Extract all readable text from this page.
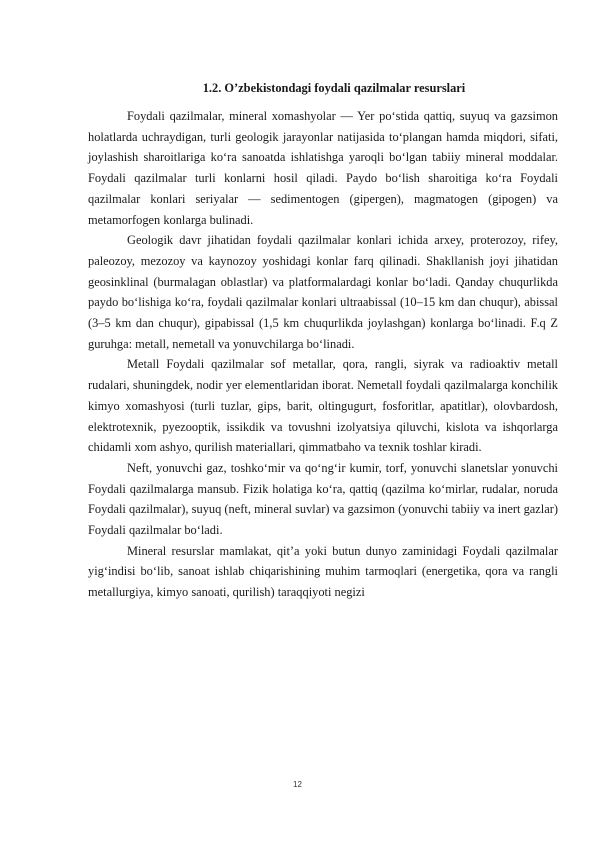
1.2. O’zbekistondagi foydali qazilmalar resurslari

Foydali qazilmalar, mineral xomashyolar — Yer po‘stida qattiq, suyuq va gazsimon holatlarda uchraydigan, turli geologik jarayonlar natijasida to‘plangan hamda miqdori, sifati, joylashish sharoitlariga ko‘ra sanoatda ishlatishga yaroqli bo‘lgan tabiiy mineral moddalar. Foydali qazilmalar turli konlarni hosil qiladi. Paydo bo‘lish sharoitiga ko‘ra Foydali qazilmalar konlari seriyalar — sedimentogen (gipergen), magmatogen (gipogen) va metamorfogen konlarga bulinadi.

Geologik davr jihatidan foydali qazilmalar konlari ichida arxey, proterozoy, rifey, paleozoy, mezozoy va kaynozoy yoshidagi konlar farq qilinadi. Shakllanish joyi jihatidan geosinklinal (burmalagan oblastlar) va platformalardagi konlar bo‘ladi. Qanday chuqurlikda paydo bo‘lishiga ko‘ra, foydali qazilmalar konlari ultraabissal (10–15 km dan chuqur), abissal (3–5 km dan chuqur), gipabissal (1,5 km chuqurlikda joylashgan) konlarga bo‘linadi. F.q Z guruhga: metall, nemetall va yonuvchilarga bo‘linadi.

Metall Foydali qazilmalar sof metallar, qora, rangli, siyrak va radioaktiv metall rudalari, shuningdek, nodir yer elementlaridan iborat. Nemetall foydali qazilmalarga konchilik kimyo xomashyosi (turli tuzlar, gips, barit, oltingugurt, fosforitlar, apatitlar), olovbardosh, elektrotexnik, pyezooptik, issikdik va tovushni izolyatsiya qiluvchi, kislota va ishqorlarga chidamli xom ashyo, qurilish materiallari, qimmatbaho va texnik toshlar kiradi.

Neft, yonuvchi gaz, toshko‘mir va qo‘ng‘ir kumir, torf, yonuvchi slanetslar yonuvchi Foydali qazilmalarga mansub. Fizik holatiga ko‘ra, qattiq (qazilma ko‘mirlar, rudalar, noruda Foydali qazilmalar), suyuq (neft, mineral suvlar) va gazsimon (yonuvchi tabiiy va inert gazlar) Foydali qazilmalar bo‘ladi.

Mineral resurslar mamlakat, qit’a yoki butun dunyo zaminidagi Foydali qazilmalar yig‘indisi bo‘lib, sanoat ishlab chiqarishining muhim tarmoqlari (energetika, qora va rangli metallurgiya, kimyo sanoati, qurilish) taraqqiyoti negizi

12
